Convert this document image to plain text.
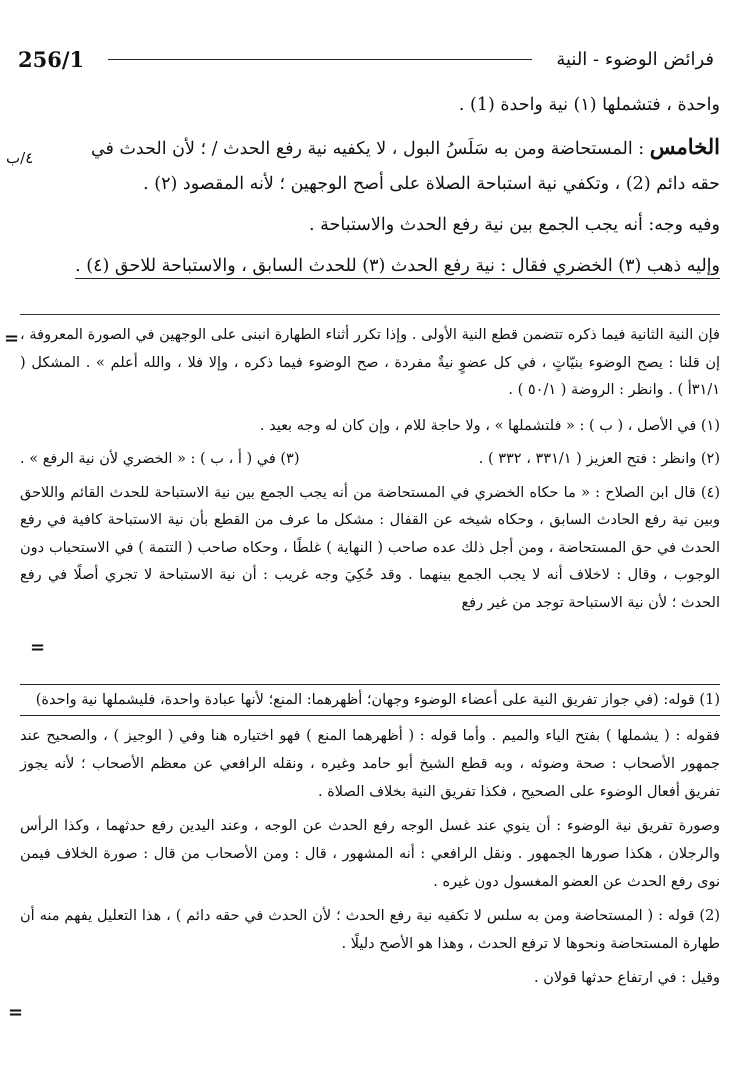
256/1	فرائض الوضوء - النية

واحدة ، فتشملها (١) نية واحدة (1) .

الخامس : المستحاضة ومن به سَلَسُ البول ، لا يكفيه نية رفع الحدث / ؛ لأن الحدث في

حقه دائم (2) ، وتكفي نية استباحة الصلاة على أصح الوجهين ؛ لأنه المقصود (٢) .

وفيه وجه: أنه يجب الجمع بين نية رفع الحدث والاستباحة .

وإليه ذهب (٣) الخضري فقال : نية رفع الحدث (٣) للحدث السابق ، والاستباحة للاحق (٤) .

٤/ب

فإن النية الثانية فيما ذكره تتضمن قطع النية الأولى . وإذا تكرر أثناء الطهارة انبنى على الوجهين في الصورة المعروفة ، إن قلنا : يصح الوضوء بنيّاتٍ ، في كل عضوٍ نيةٌ مفردة ، صح الوضوء فيما ذكره ، وإلا فلا ، والله أعلم » . المشكل ( ٣١/١أ ) . وانظر : الروضة ( ٥٠/١ ) .

(١) في الأصل ، ( ب ) : « فلتشملها » ، ولا حاجة للام ، وإن كان له وجه بعيد .

(٢) وانظر : فتح العزيز ( ٣٣١/١ ، ٣٣٢ ) .
(٣) في ( أ ، ب ) : « الخضري لأن نية الرفع » .

(٤) قال ابن الصلاح : « ما حكاه الخضري في المستحاضة من أنه يجب الجمع بين نية الاستباحة للحدث القائم واللاحق وبين نية رفع الحادث السابق ، وحكاه شيخه عن القفال : مشكل ما عرف من القطع بأن نية الاستباحة كافية في رفع الحدث في حق المستحاضة ، ومن أجل ذلك عده صاحب ( النهاية ) غلطًا ، وحكاه صاحب ( التتمة ) في الاستحباب دون الوجوب ، وقال : لاخلاف أنه لا يجب الجمع بينهما . وقد حُكِيَ وجه غريب : أن نية الاستباحة لا تجري أصلًا في رفع الحدث ؛ لأن نية الاستباحة توجد من غير رفع

=
=

(1) قوله: (في جواز تفريق النية على أعضاء الوضوء وجهان؛ أظهرهما: المنع؛ لأنها عبادة واحدة، فليشملها نية واحدة)

فقوله : ( يشملها ) بفتح الياء والميم . وأما قوله : ( أظهرهما المنع ) فهو اختياره هنا وفي ( الوجيز ) ، والصحيح عند جمهور الأصحاب : صحة وضوئه ، وبه قطع الشيخ أبو حامد وغيره ، ونقله الرافعي عن معظم الأصحاب ؛ لأنه يجوز تفريق أفعال الوضوء على الصحيح ، فكذا تفريق النية بخلاف الصلاة .

وصورة تفريق نية الوضوء : أن ينوي عند غسل الوجه رفع الحدث عن الوجه ، وعند اليدين رفع حدثهما ، وكذا الرأس والرجلان ، هكذا صورها الجمهور . ونقل الرافعي : أنه المشهور ، قال : ومن الأصحاب من قال : صورة الخلاف فيمن نوى رفع الحدث عن العضو المغسول دون غيره .

(2) قوله : ( المستحاضة ومن به سلس لا تكفيه نية رفع الحدث ؛ لأن الحدث في حقه دائم ) ، هذا التعليل يفهم منه أن طهارة المستحاضة ونحوها لا ترفع الحدث ، وهذا هو الأصح دليلًا .

وقيل : في ارتفاع حدثها قولان .

=
